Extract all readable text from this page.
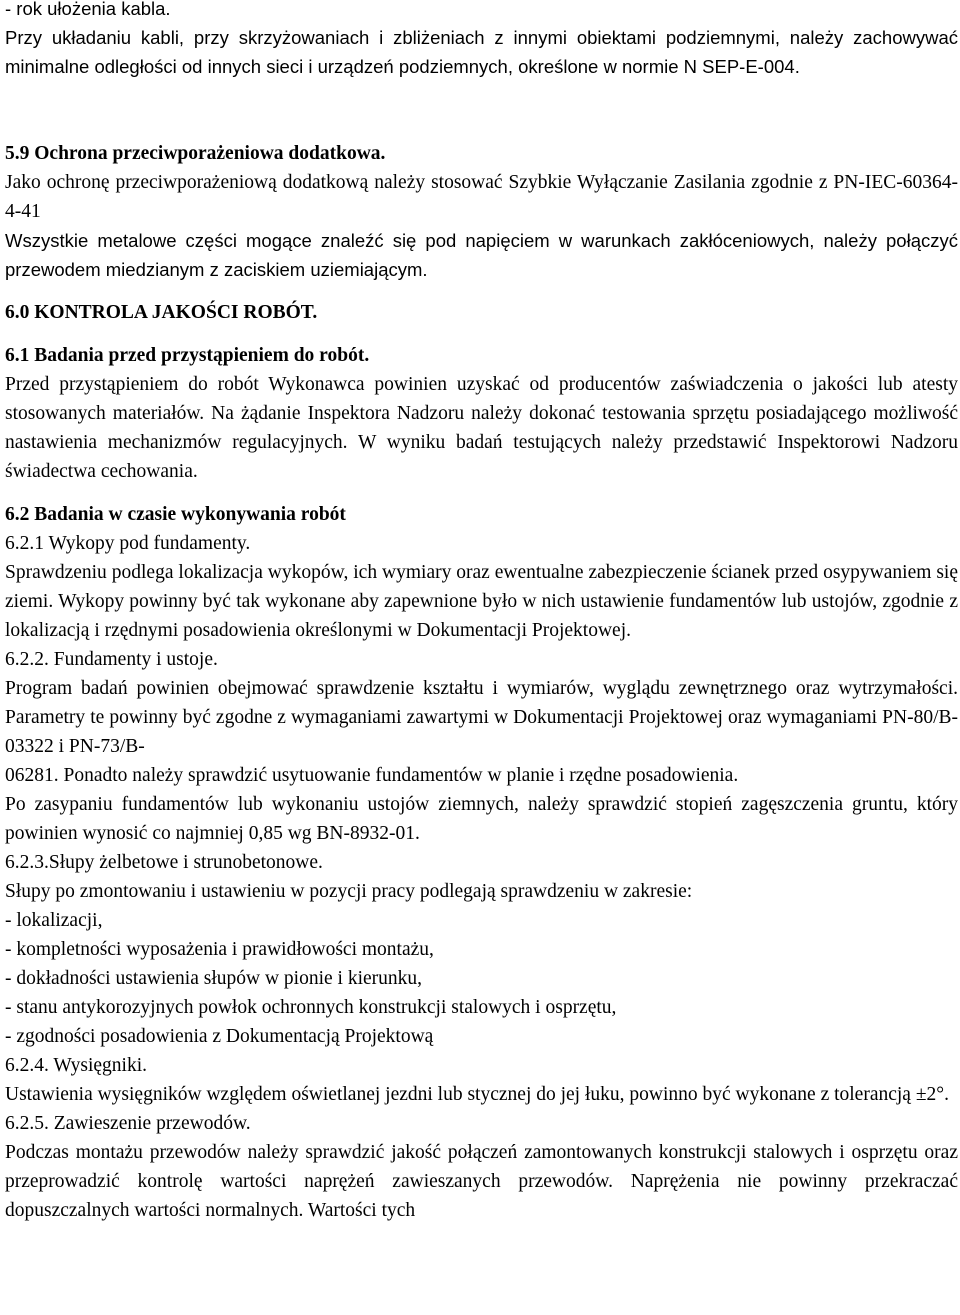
- rok ułożenia kabla.

Przy układaniu kabli, przy skrzyżowaniach i zbliżeniach z innymi obiektami podziemnymi, należy zachowywać minimalne odległości od innych sieci i urządzeń podziemnych, określone w normie N SEP-E-004.

5.9 Ochrona przeciwporażeniowa dodatkowa.

Jako ochronę przeciwporażeniową dodatkową należy stosować Szybkie Wyłączanie Zasilania zgodnie z PN-IEC-60364-4-41

Wszystkie metalowe części mogące znaleźć się pod napięciem w warunkach zakłóceniowych, należy połączyć przewodem miedzianym z zaciskiem uziemiającym.

6.0 KONTROLA JAKOŚCI ROBÓT.

6.1 Badania przed przystąpieniem do robót.

Przed przystąpieniem do robót Wykonawca powinien uzyskać od producentów zaświadczenia o jakości lub atesty stosowanych materiałów. Na żądanie Inspektora Nadzoru należy dokonać testowania sprzętu posiadającego możliwość nastawienia mechanizmów regulacyjnych. W wyniku badań testujących należy przedstawić Inspektorowi Nadzoru świadectwa cechowania.

6.2 Badania w czasie wykonywania robót

6.2.1 Wykopy pod fundamenty.

Sprawdzeniu podlega lokalizacja wykopów, ich wymiary oraz ewentualne zabezpieczenie ścianek przed osypywaniem się ziemi. Wykopy powinny być tak wykonane aby zapewnione było w nich ustawienie fundamentów lub ustojów, zgodnie z lokalizacją i rzędnymi posadowienia określonymi w Dokumentacji Projektowej.

6.2.2. Fundamenty i ustoje.

Program badań powinien obejmować sprawdzenie kształtu i wymiarów, wyglądu zewnętrznego oraz wytrzymałości. Parametry te powinny być zgodne z wymaganiami zawartymi w Dokumentacji Projektowej oraz wymaganiami PN-80/B-03322 i PN-73/B-

06281. Ponadto należy sprawdzić usytuowanie fundamentów w planie i rzędne posadowienia.

Po zasypaniu fundamentów lub wykonaniu ustojów ziemnych, należy sprawdzić stopień zagęszczenia gruntu, który powinien wynosić co najmniej 0,85 wg BN-8932-01.

6.2.3.Słupy żelbetowe i strunobetonowe.

Słupy po zmontowaniu i ustawieniu w pozycji pracy podlegają sprawdzeniu w zakresie:

- lokalizacji,

- kompletności wyposażenia i prawidłowości montażu,

- dokładności ustawienia słupów w pionie i kierunku,

- stanu antykorozyjnych powłok ochronnych konstrukcji stalowych i osprzętu,

- zgodności posadowienia z Dokumentacją Projektową

6.2.4. Wysięgniki.

Ustawienia wysięgników względem oświetlanej jezdni lub stycznej do jej łuku, powinno być wykonane z tolerancją ±2°.

6.2.5. Zawieszenie przewodów.

Podczas montażu przewodów należy sprawdzić jakość połączeń zamontowanych konstrukcji stalowych i osprzętu oraz przeprowadzić kontrolę wartości naprężeń zawieszanych przewodów. Naprężenia nie powinny przekraczać dopuszczalnych wartości normalnych. Wartości tych
